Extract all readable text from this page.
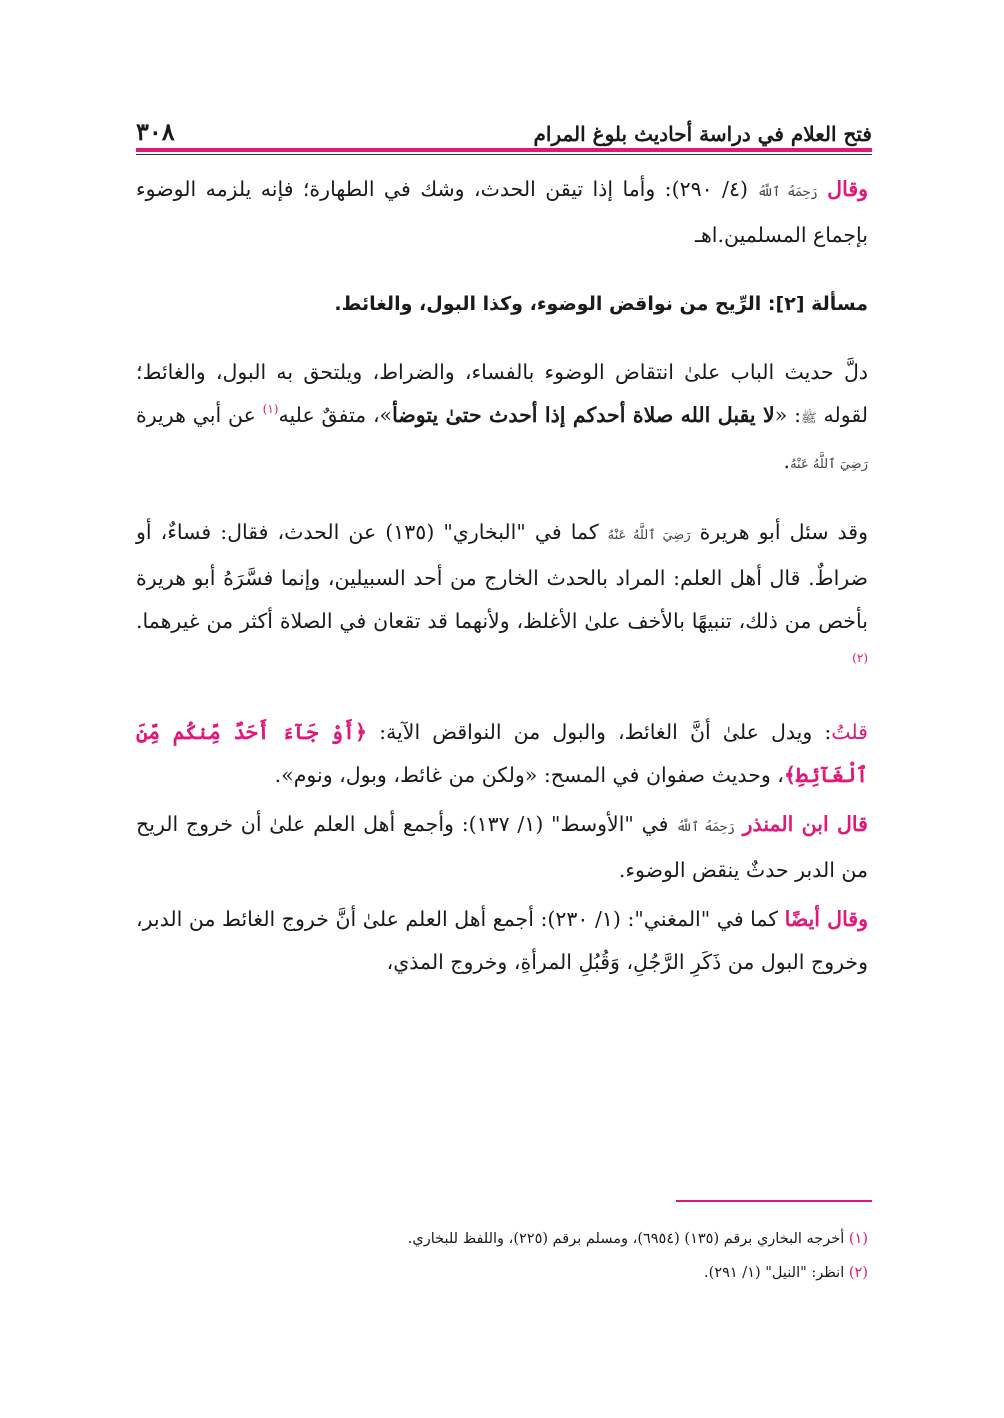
٣٠٨	فتح العلام في دراسة أحاديث بلوغ المرام

وقال رَحِمَهُ ٱللَّهُ (٤/ ٢٩٠): وأما إذا تيقن الحدث، وشك في الطهارة؛ فإنه يلزمه الوضوء بإجماع المسلمين.اهـ

مسألة [٢]: الرِّيح من نواقض الوضوء، وكذا البول، والغائط.

دلَّ حديث الباب علىٰ انتقاض الوضوء بالفساء، والضراط، ويلتحق به البول، والغائط؛ لقوله ﷺ: «لا يقبل الله صلاة أحدكم إذا أحدث حتىٰ يتوضأ»، متفقٌ عليه$^{(١)}$ عن أبي هريرة رَضِيَ ٱللَّهُ عَنْهُ.

وقد سئل أبو هريرة رَضِيَ ٱللَّهُ عَنْهُ كما في "البخاري" (١٣٥) عن الحدث، فقال: فساءٌ، أو ضراطٌ. قال أهل العلم: المراد بالحدث الخارج من أحد السبيلين، وإنما فسَّرَهُ أبو هريرة بأخص من ذلك، تنبيهًا بالأخف علىٰ الأغلظ، ولأنهما قد تقعان في الصلاة أكثر من غيرهما.$^{(٢)}$

قلتُ: ويدل علىٰ أنَّ الغائط، والبول من النواقض الآية: ﴿أَوْ جَآءَ أَحَدٌ مِّنكُم مِّنَ ٱلْغَآئِطِ﴾، وحديث صفوان في المسح: «ولكن من غائط، وبول، ونوم».

قال ابن المنذر رَحِمَهُ ٱللَّهُ في "الأوسط" (١/ ١٣٧): وأجمع أهل العلم علىٰ أن خروج الريح من الدبر حدثٌ ينقض الوضوء.

وقال أيضًا كما في "المغني": (١/ ٢٣٠): أجمع أهل العلم علىٰ أنَّ خروج الغائط من الدبر، وخروج البول من ذَكَرِ الرَّجُلِ، وَقُبُلِ المرأةِ، وخروج المذي،

(١) أخرجه البخاري برقم (١٣٥) (٦٩٥٤)، ومسلم برقم (٢٢٥)، واللفظ للبخاري.

(٢) انظر: "النيل" (١/ ٢٩١).
